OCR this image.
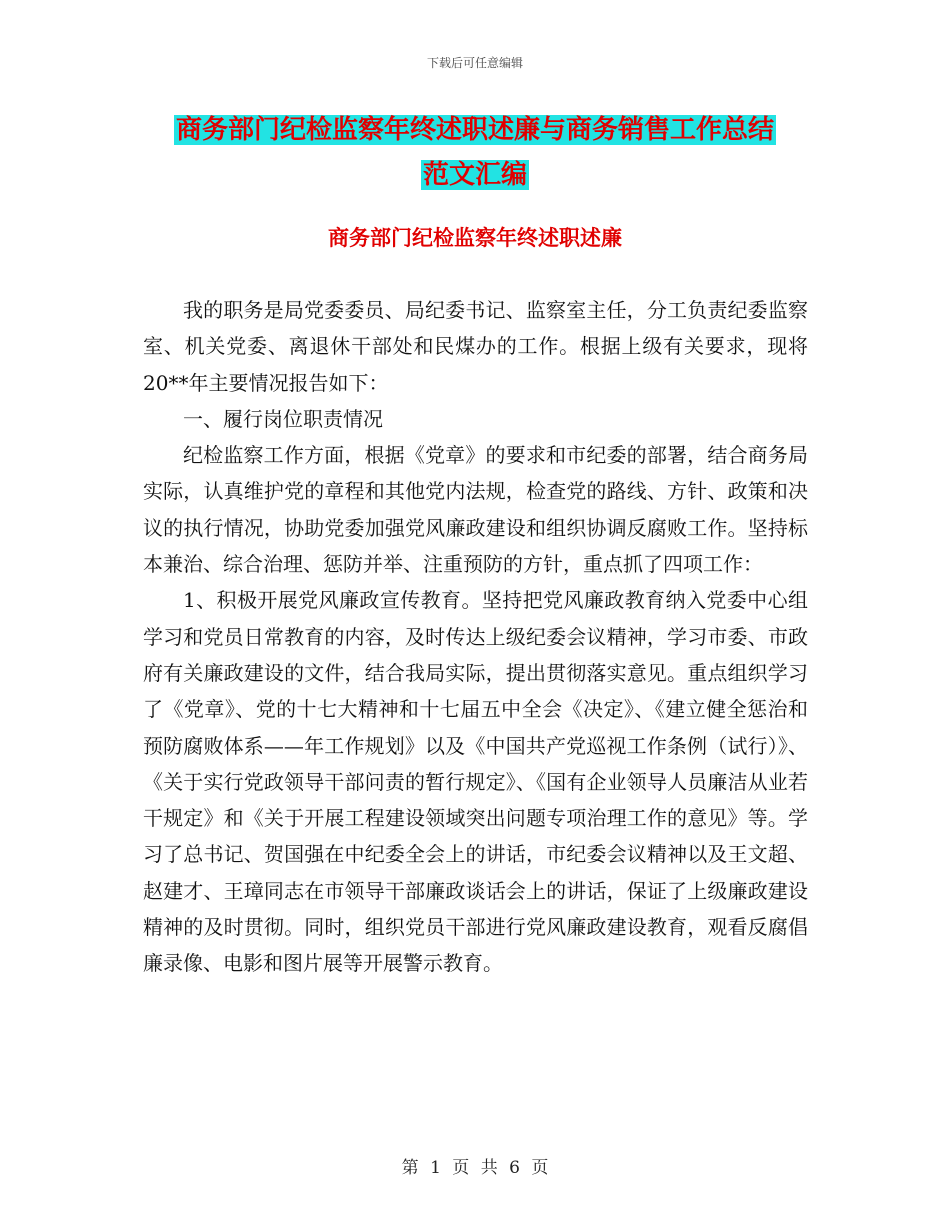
下载后可任意编辑
商务部门纪检监察年终述职述廉与商务销售工作总结
范文汇编
商务部门纪检监察年终述职述廉

我的职务是局党委委员、局纪委书记、监察室主任，分工负责纪委监察室、机关党委、离退休干部处和民煤办的工作。根据上级有关要求，现将20**年主要情况报告如下：

一、履行岗位职责情况

纪检监察工作方面，根据《党章》的要求和市纪委的部署，结合商务局实际，认真维护党的章程和其他党内法规，检查党的路线、方针、政策和决议的执行情况，协助党委加强党风廉政建设和组织协调反腐败工作。坚持标本兼治、综合治理、惩防并举、注重预防的方针，重点抓了四项工作：

1、积极开展党风廉政宣传教育。坚持把党风廉政教育纳入党委中心组学习和党员日常教育的内容，及时传达上级纪委会议精神，学习市委、市政府有关廉政建设的文件，结合我局实际，提出贯彻落实意见。重点组织学习了《党章》、党的十七大精神和十七届五中全会《决定》、《建立健全惩治和预防腐败体系——年工作规划》以及《中国共产党巡视工作条例（试行）》、《关于实行党政领导干部问责的暂行规定》、《国有企业领导人员廉洁从业若干规定》和《关于开展工程建设领域突出问题专项治理工作的意见》等。学习了总书记、贺国强在中纪委全会上的讲话，市纪委会议精神以及王文超、赵建才、王璋同志在市领导干部廉政谈话会上的讲话，保证了上级廉政建设精神的及时贯彻。同时，组织党员干部进行党风廉政建设教育，观看反腐倡廉录像、电影和图片展等开展警示教育。

第 1 页 共 6 页
